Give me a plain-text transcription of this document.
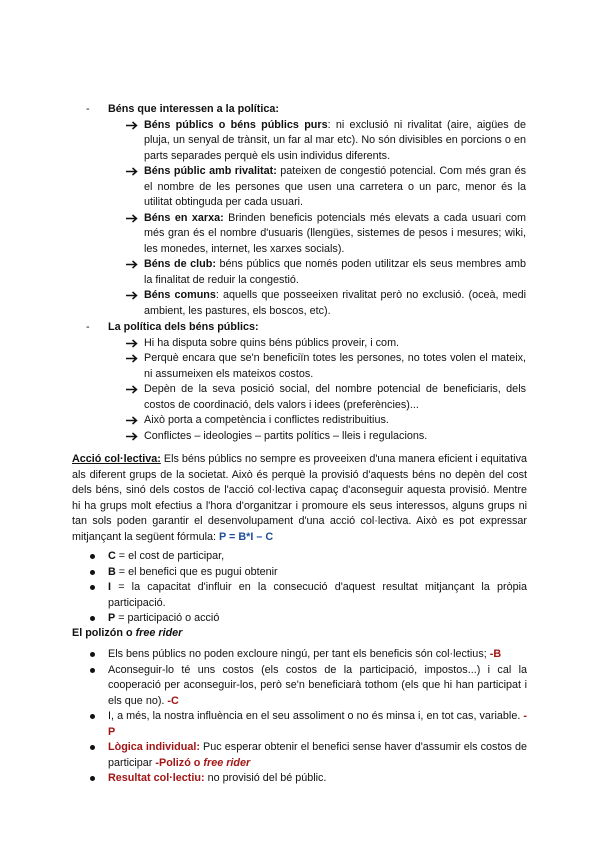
- Béns que interessen a la política:
Béns públics o béns públics purs: ni exclusió ni rivalitat (aire, aigües de pluja, un senyal de trànsit, un far al mar etc). No són divisibles en porcions o en parts separades perquè els usin individus diferents.
Béns públic amb rivalitat: pateixen de congestió potencial. Com més gran és el nombre de les persones que usen una carretera o un parc, menor és la utilitat obtinguda per cada usuari.
Béns en xarxa: Brinden beneficis potencials més elevats a cada usuari com més gran és el nombre d'usuaris (llengües, sistemes de pesos i mesures; wiki, les monedes, internet, les xarxes socials).
Béns de club: béns públics que només poden utilitzar els seus membres amb la finalitat de reduir la congestió.
Béns comuns: aquells que posseeixen rivalitat però no exclusió. (oceà, medi ambient, les pastures, els boscos, etc).
- La política dels béns públics:
Hi ha disputa sobre quins béns públics proveir, i com.
Perquè encara que se'n beneficiïn totes les persones, no totes volen el mateix, ni assumeixen els mateixos costos.
Depèn de la seva posició social, del nombre potencial de beneficiaris, dels costos de coordinació, dels valors i idees (preferències)...
Això porta a competència i conflictes redistribuitius.
Conflictes – ideologies – partits polítics – lleis i regulacions.
Acció col·lectiva: Els béns públics no sempre es proveeixen d'una manera eficient i equitativa als diferent grups de la societat. Això és perquè la provisió d'aquests béns no depèn del cost dels béns, sinó dels costos de l'acció col·lectiva capaç d'aconseguir aquesta provisió. Mentre hi ha grups molt efectius a l'hora d'organitzar i promoure els seus interessos, alguns grups ni tan sols poden garantir el desenvolupament d'una acció col·lectiva. Això es pot expressar mitjançant la següent fórmula: P = B*I – C
C = el cost de participar,
B = el benefici que es pugui obtenir
I = la capacitat d'influir en la consecució d'aquest resultat mitjançant la pròpia participació.
P = participació o acció
El polizón o free rider
Els bens públics no poden excloure ningú, per tant els beneficis són col·lectius; -B
Aconseguir-lo té uns costos (els costos de la participació, impostos...) i cal la cooperació per aconseguir-los, però se'n beneficiarà tothom (els que hi han participat i els que no). -C
I, a més, la nostra influència en el seu assoliment o no és minsa i, en tot cas, variable. -P
Lògica individual: Puc esperar obtenir el benefici sense haver d'assumir els costos de participar -Polizó o free rider
Resultat col·lectiu: no provisió del bé públic.
